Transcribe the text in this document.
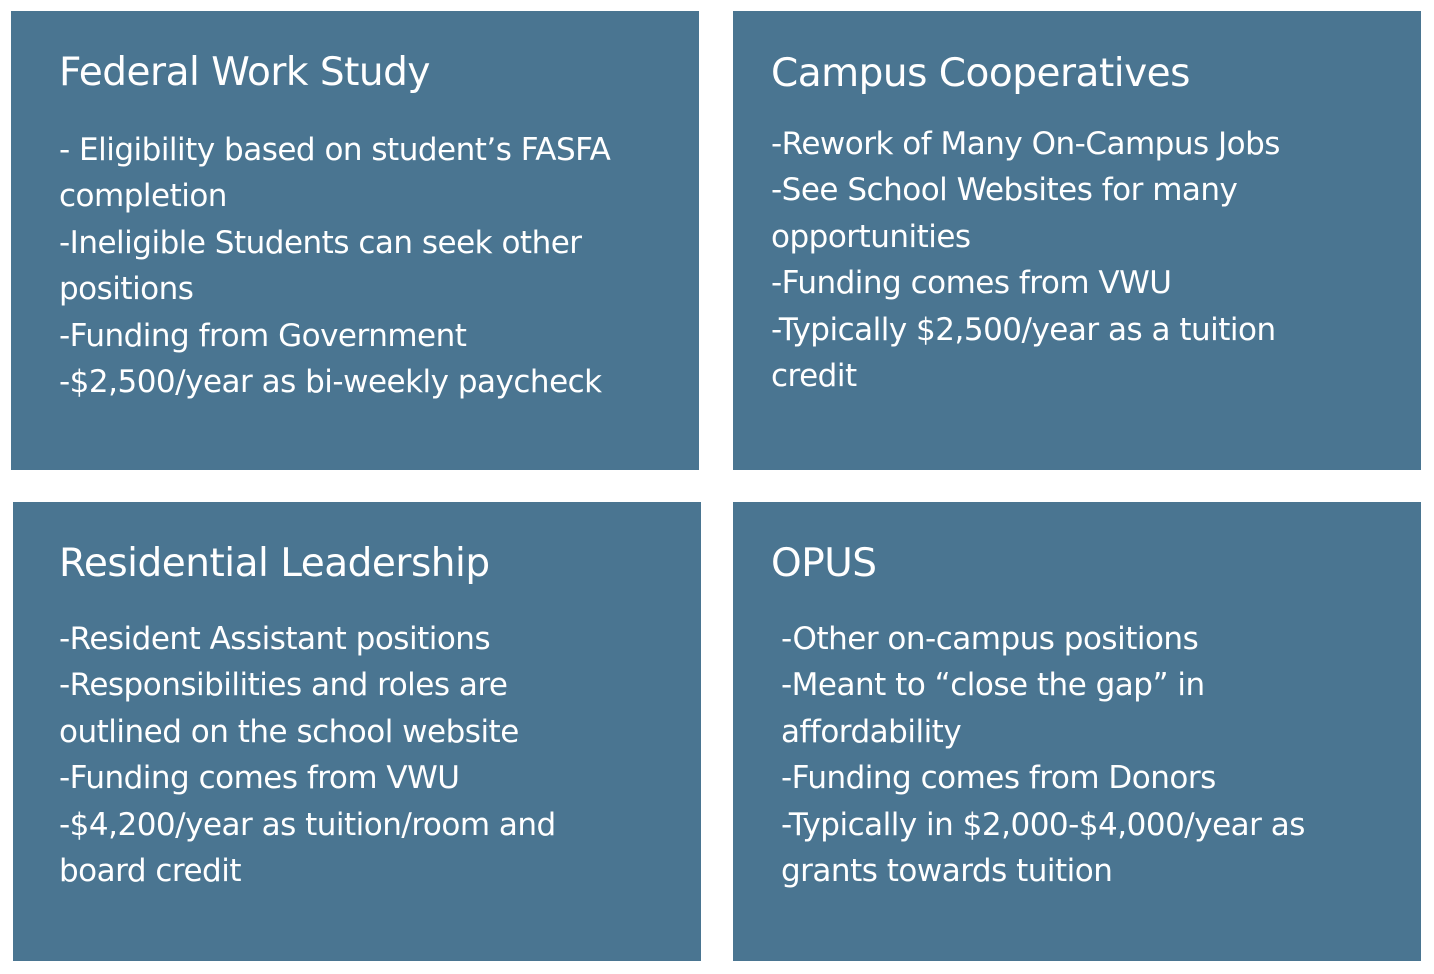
Federal Work Study
- Eligibility based on student’s FASFA
completion
-Ineligible Students can seek other
positions
-Funding from Government
-$2,500/year as bi-weekly paycheck
Campus Cooperatives
-Rework of Many On-Campus Jobs
-See School Websites for many
opportunities
-Funding comes from VWU
-Typically $2,500/year as a tuition
credit
Residential Leadership
-Resident Assistant positions
-Responsibilities and roles are
outlined on the school website
-Funding comes from VWU
-$4,200/year as tuition/room and
board credit
OPUS
-Other on-campus positions
-Meant to “close the gap” in
affordability
-Funding comes from Donors
-Typically in $2,000-$4,000/year as
grants towards tuition
